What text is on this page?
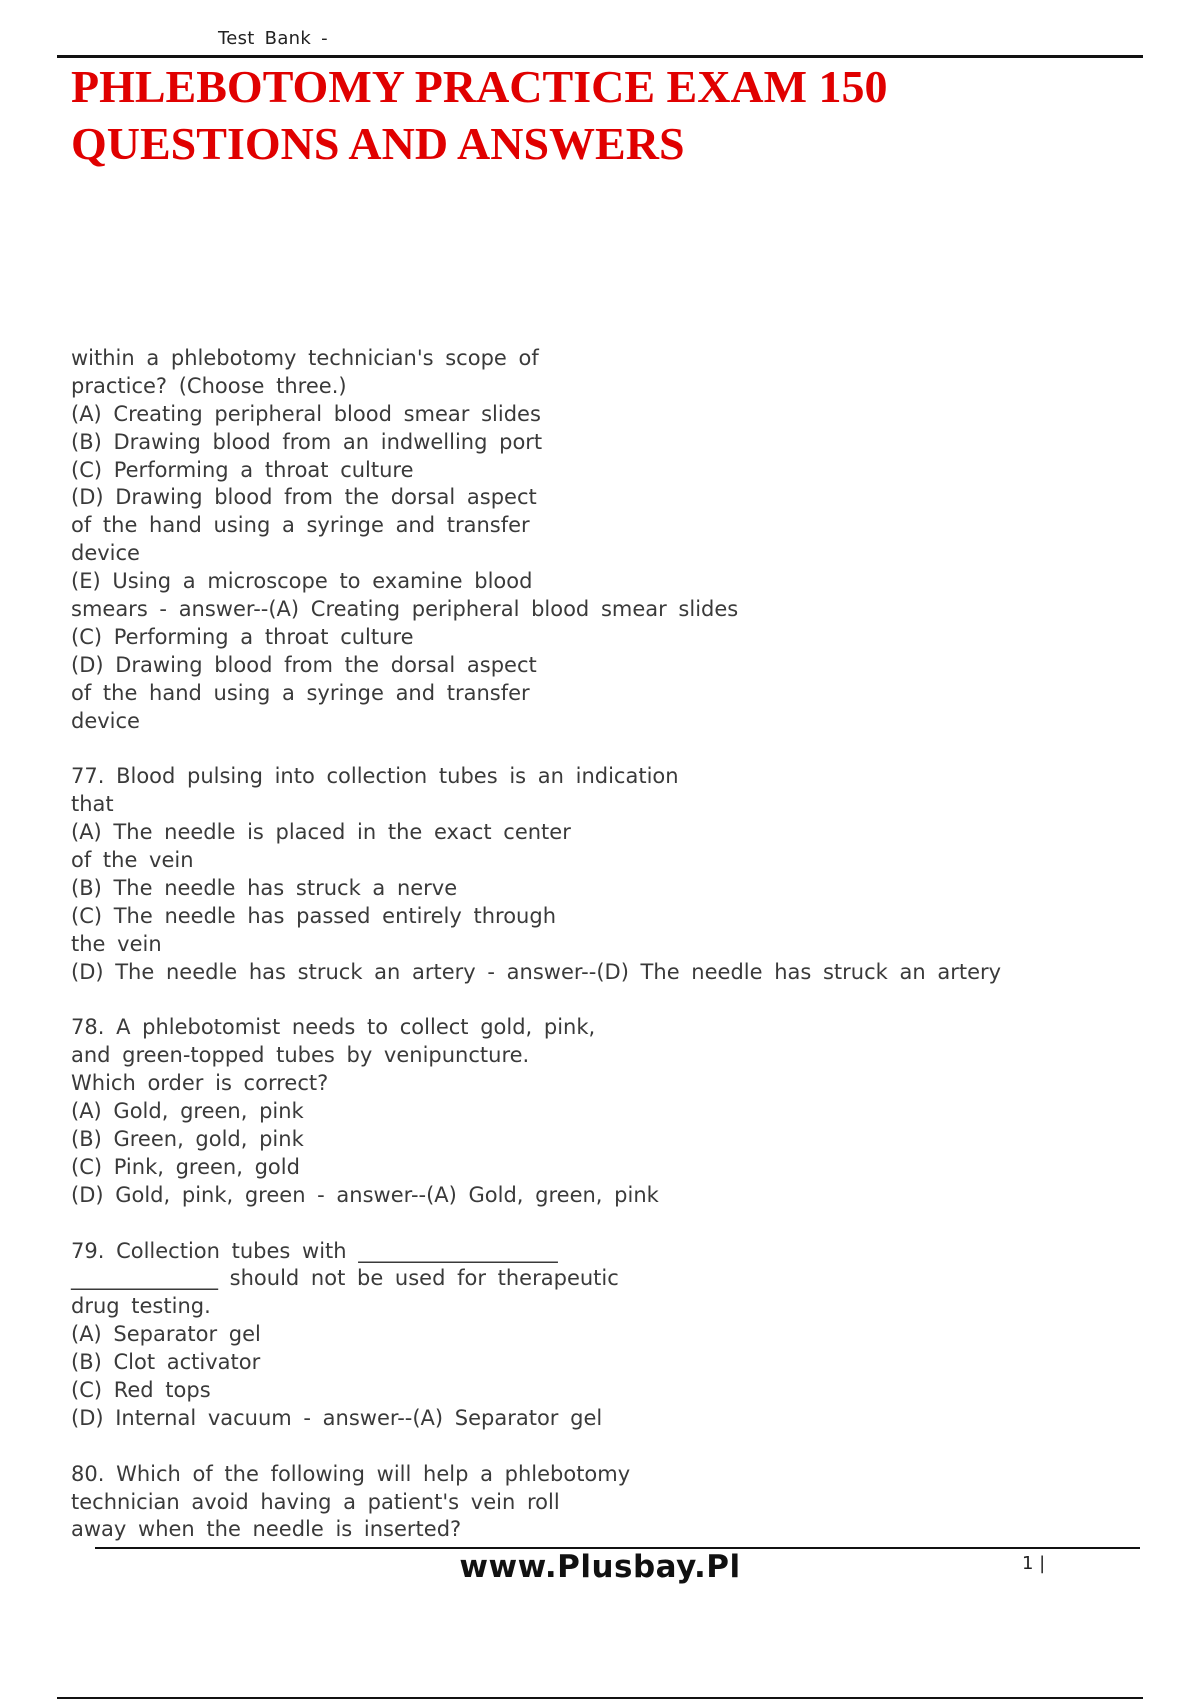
Test Bank -
PHLEBOTOMY PRACTICE EXAM 150
QUESTIONS AND ANSWERS
within a phlebotomy technician's scope of
practice? (Choose three.)
(A) Creating peripheral blood smear slides
(B) Drawing blood from an indwelling port
(C) Performing a throat culture
(D) Drawing blood from the dorsal aspect
of the hand using a syringe and transfer
device
(E) Using a microscope to examine blood
smears - answer--(A) Creating peripheral blood smear slides
(C) Performing a throat culture
(D) Drawing blood from the dorsal aspect
of the hand using a syringe and transfer
device
77. Blood pulsing into collection tubes is an indication
that
(A) The needle is placed in the exact center
of the vein
(B) The needle has struck a nerve
(C) The needle has passed entirely through
the vein
(D) The needle has struck an artery - answer--(D) The needle has struck an artery
78. A phlebotomist needs to collect gold, pink,
and green-topped tubes by venipuncture.
Which order is correct?
(A) Gold, green, pink
(B) Green, gold, pink
(C) Pink, green, gold
(D) Gold, pink, green - answer--(A) Gold, green, pink
79. Collection tubes with ___________________
______________ should not be used for therapeutic
drug testing.
(A) Separator gel
(B) Clot activator
(C) Red tops
(D) Internal vacuum - answer--(A) Separator gel
80. Which of the following will help a phlebotomy
technician avoid having a patient's vein roll
away when the needle is inserted?
www.Plusbay.Pl	1 |
